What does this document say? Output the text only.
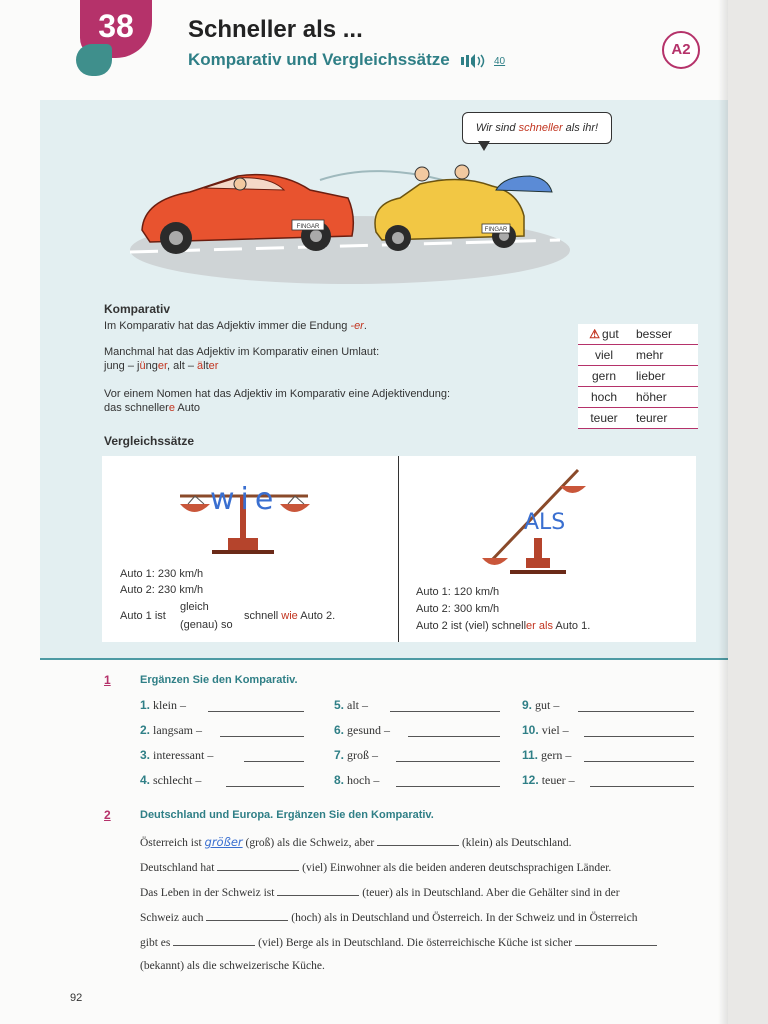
38	Schneller als ...
Komparativ und Vergleichssätze	40
A2
FINGAR	FINGAR
Wir sind schneller als ihr!
Komparativ
Im Komparativ hat das Adjektiv immer die Endung -er.
Manchmal hat das Adjektiv im Komparativ einen Umlaut:
jung – jünger, alt – älter
Vor einem Nomen hat das Adjektiv im Komparativ eine Adjektivendung:
das schnellere Auto
⚠ gut	besser
viel	mehr
gern	lieber
hoch	höher
teuer	teurer
Vergleichssätze
wie
ALS
Auto 1: 230 km/h
Auto 2: 230 km/h
Auto 1 ist
gleich
(genau) so
schnell wie Auto 2.
Auto 1: 120 km/h
Auto 2: 300 km/h
Auto 2 ist (viel) schneller als Auto 1.
1	Ergänzen Sie den Komparativ.
1. klein –
2. langsam –
3. interessant –
4. schlecht –
5. alt –
6. gesund –
7. groß –
8. hoch –
9. gut –
10. viel –
11. gern –
12. teuer –
2	Deutschland und Europa. Ergänzen Sie den Komparativ.
Österreich ist größer (groß) als die Schweiz, aber	(klein) als Deutschland.
Deutschland hat	(viel) Einwohner als die beiden anderen deutschsprachigen Länder.
Das Leben in der Schweiz ist	(teuer) als in Deutschland. Aber die Gehälter sind in der
Schweiz auch	(hoch) als in Deutschland und Österreich. In der Schweiz und in Österreich
gibt es	(viel) Berge als in Deutschland. Die österreichische Küche ist sicher
(bekannt) als die schweizerische Küche.
92
